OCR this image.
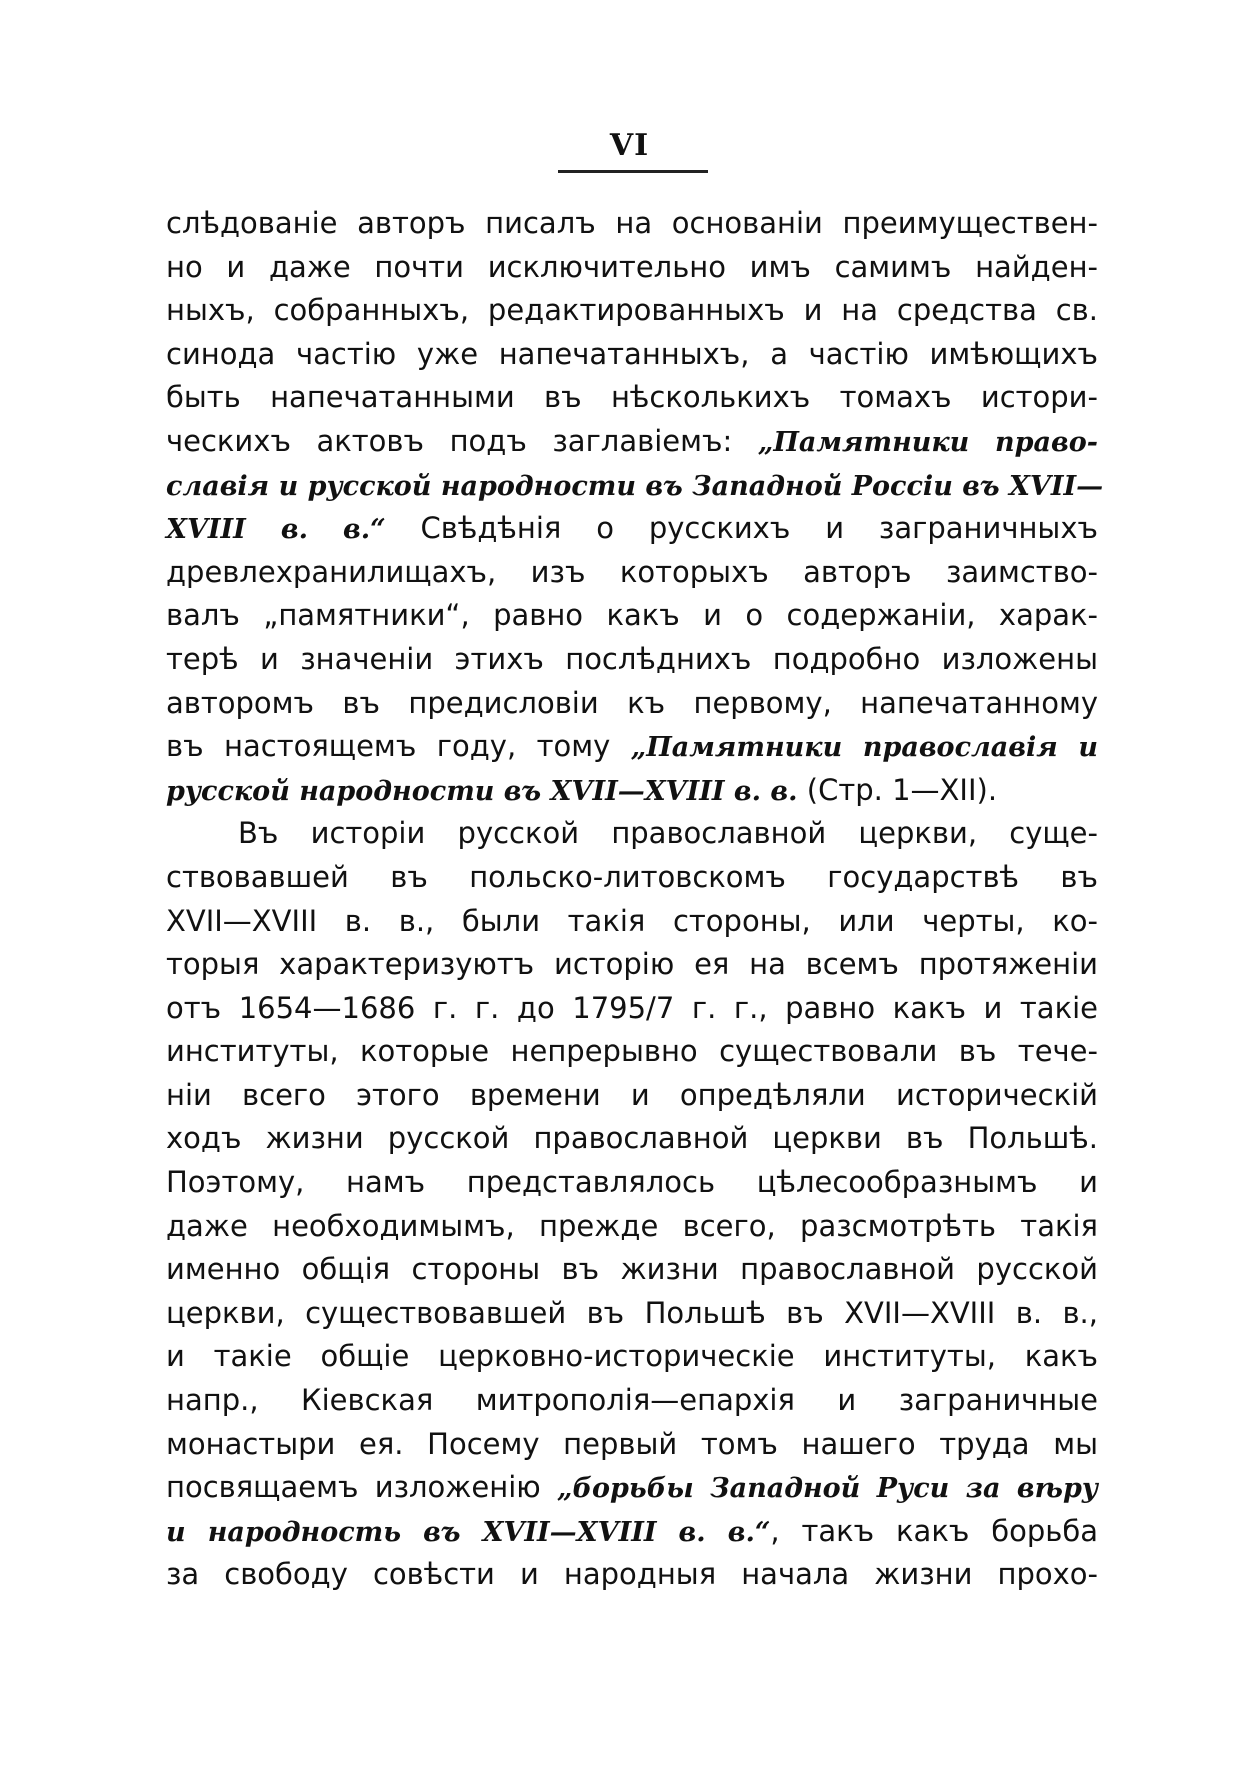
VI
слѣдованіе авторъ писалъ на основаніи преимуществен-
но и даже почти исключительно имъ самимъ найден-
ныхъ, собранныхъ, редактированныхъ и на средства св.
синода частію уже напечатанныхъ, а частію имѣющихъ
быть напечатанными въ нѣсколькихъ томахъ истори-
ческихъ актовъ подъ заглавіемъ: „Памятники право-
славія и русской народности въ Западной Россіи въ XVII—
XVIII в. в.“ Свѣдѣнія о русскихъ и заграничныхъ
древлехранилищахъ, изъ которыхъ авторъ заимство-
валъ „памятники“, равно какъ и о содержаніи, харак-
терѣ и значеніи этихъ послѣднихъ подробно изложены
авторомъ въ предисловіи къ первому, напечатанному
въ настоящемъ году, тому „Памятники православія и
русской народности въ XVII—XVIII в. в. (Стр. 1—XII).
Въ исторіи русской православной церкви, суще-
ствовавшей въ польско-литовскомъ государствѣ въ
XVII—XVIII в. в., были такія стороны, или черты, ко-
торыя характеризуютъ исторію ея на всемъ протяженіи
отъ 1654—1686 г. г. до 1795/7 г. г., равно какъ и такіе
институты, которые непрерывно существовали въ тече-
ніи всего этого времени и опредѣляли историческій
ходъ жизни русской православной церкви въ Польшѣ.
Поэтому, намъ представлялось цѣлесообразнымъ и
даже необходимымъ, прежде всего, разсмотрѣть такія
именно общія стороны въ жизни православной русской
церкви, существовавшей въ Польшѣ въ XVII—XVIII в. в.,
и такіе общіе церковно-историческіе институты, какъ
напр., Кіевская митрополія—епархія и заграничные
монастыри ея. Посему первый томъ нашего труда мы
посвящаемъ изложенію „борьбы Западной Руси за вѣру
и народность въ XVII—XVIII в. в.“, такъ какъ борьба
за свободу совѣсти и народныя начала жизни прохо-
